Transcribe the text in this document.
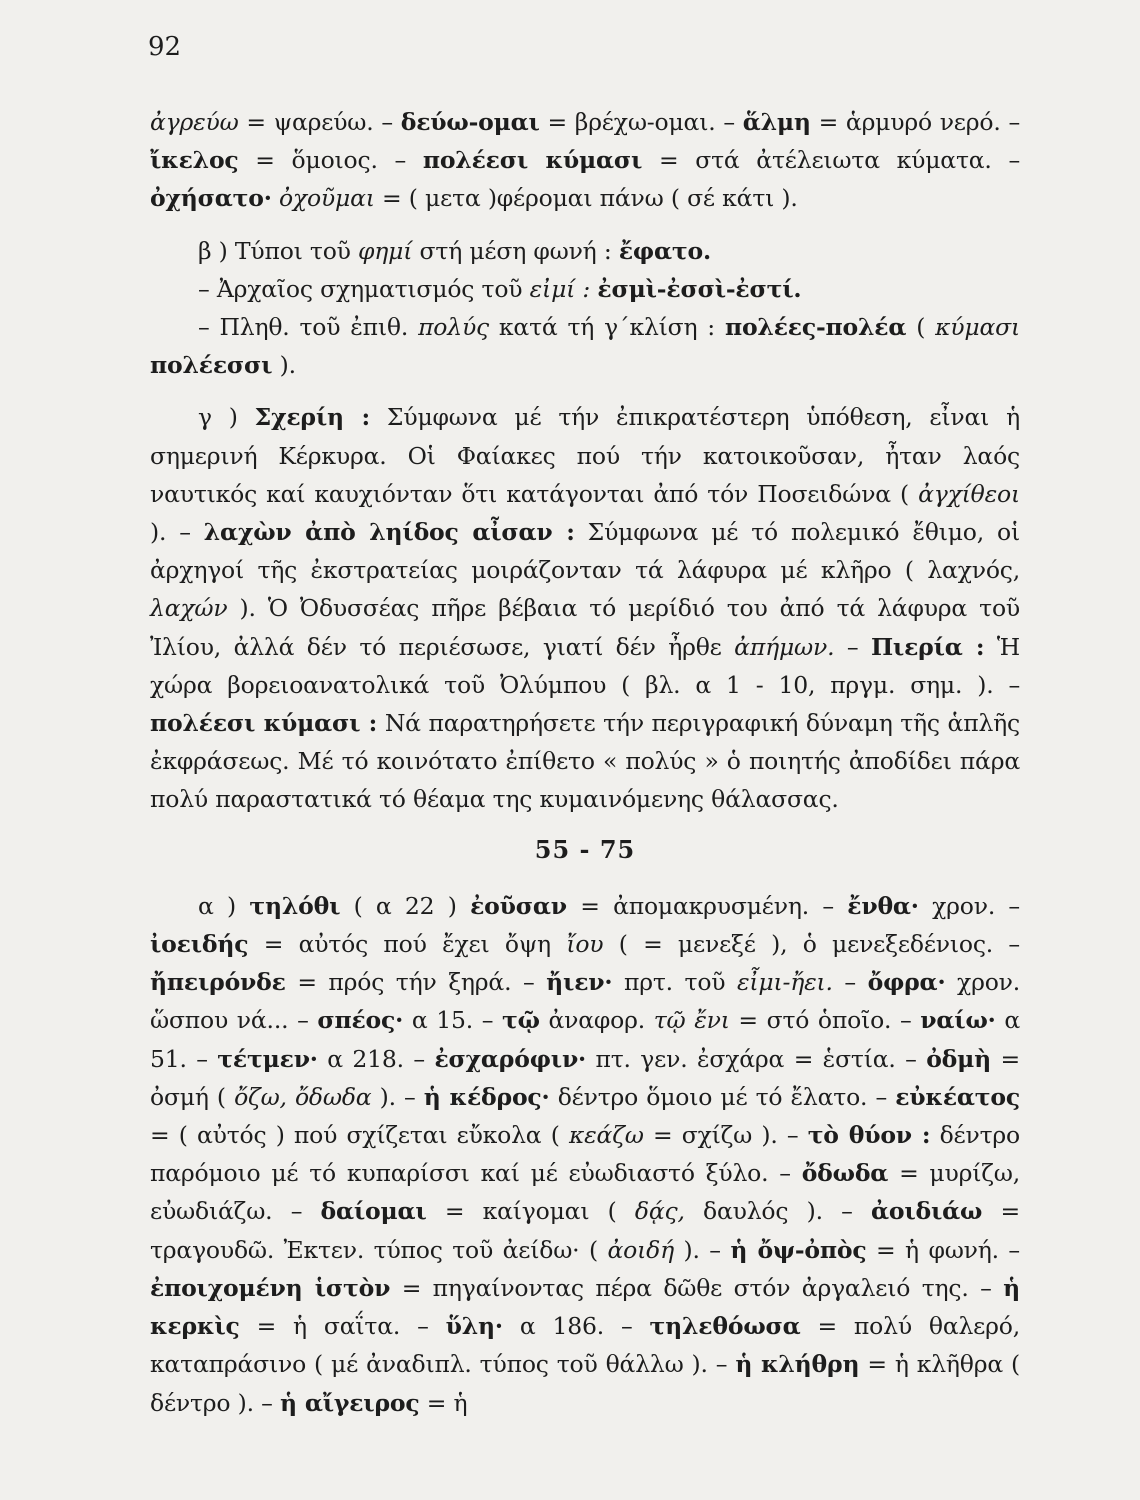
92

ἀγρεύω = ψαρεύω. – δεύω-ομαι = βρέχω-ομαι. – ἅλμη = ἁρμυρό νερό. – ἴκελος = ὅμοιος. – πολέεσι κύμασι = στά ἀτέλειωτα κύματα. – ὀχήσατο· ὀχοῦμαι = ( μετα )φέρομαι πάνω ( σέ κάτι ).

β ) Τύποι τοῦ φημί στή μέση φωνή : ἔφατο.

– Ἀρχαῖος σχηματισμός τοῦ εἰμί : ἐσμὶ-ἐσσὶ-ἐστί.

– Πληθ. τοῦ ἐπιθ. πολύς κατά τή γ΄κλίση : πολέες-πολέα ( κύμασι πολέεσσι ).

γ ) Σχερίη : Σύμφωνα μέ τήν ἐπικρατέστερη ὑπόθεση, εἶναι ἡ σημερινή Κέρκυρα. Οἱ Φαίακες πού τήν κατοικοῦσαν, ἦταν λαός ναυτικός καί καυχιόνταν ὅτι κατάγονται ἀπό τόν Ποσειδώνα ( ἀγχίθεοι ). – λαχὼν ἀπὸ ληίδος αἶσαν : Σύμφωνα μέ τό πολεμικό ἔθιμο, οἱ ἀρχηγοί τῆς ἐκστρατείας μοιράζονταν τά λάφυρα μέ κλῆρο ( λαχνός, λαχών ). Ὁ Ὀδυσσέας πῆρε βέβαια τό μερίδιό του ἀπό τά λάφυρα τοῦ Ἰλίου, ἀλλά δέν τό περιέσωσε, γιατί δέν ἦρθε ἀπήμων. – Πιερία : Ἡ χώρα βορειοανατολικά τοῦ Ὀλύμπου ( βλ. α 1 - 10, πργμ. σημ. ). – πολέεσι κύμασι : Νά παρατηρήσετε τήν περιγραφική δύναμη τῆς ἁπλῆς ἐκφράσεως. Μέ τό κοινότατο ἐπίθετο « πολύς » ὁ ποιητής ἀποδίδει πάρα πολύ παραστατικά τό θέαμα της κυμαινόμενης θάλασσας.

55 - 75

α ) τηλόθι ( α 22 ) ἐοῦσαν = ἀπομακρυσμένη. – ἔνθα· χρον. – ἰοειδής = αὐτός πού ἔχει ὄψη ἴου ( = μενεξέ ), ὁ μενεξεδένιος. – ἤπειρόνδε = πρός τήν ξηρά. – ἤιεν· πρτ. τοῦ εἶμι-ἤει. – ὄφρα· χρον. ὥσπου νά... – σπέος· α 15. – τῷ ἀναφορ. τῷ ἔνι = στό ὁποῖο. – ναίω· α 51. – τέτμεν· α 218. – ἐσχαρόφιν· πτ. γεν. ἐσχάρα = ἑστία. – ὀδμὴ = ὀσμή ( ὄζω, ὄδωδα ). – ἡ κέδρος· δέντρο ὅμοιο μέ τό ἔλατο. – εὐκέατος = ( αὐτός ) πού σχίζεται εὔκολα ( κεάζω = σχίζω ). – τὸ θύον : δέντρο παρόμοιο μέ τό κυπαρίσσι καί μέ εὐωδιαστό ξύλο. – ὄδωδα = μυρίζω, εὐωδιάζω. – δαίομαι = καίγομαι ( δᾴς, δαυλός ). – ἀοιδιάω = τραγουδῶ. Ἐκτεν. τύπος τοῦ ἀείδω· ( ἀοιδή ). – ἡ ὄψ-ὀπὸς = ἡ φωνή. – ἐποιχομένη ἱστὸν = πηγαίνοντας πέρα δῶθε στόν ἀργαλειό της. – ἡ κερκὶς = ἡ σαΐτα. – ὕλη· α 186. – τηλεθόωσα = πολύ θαλερό, καταπράσινο ( μέ ἀναδιπλ. τύπος τοῦ θάλλω ). – ἡ κλήθρη = ἡ κλῆθρα ( δέντρο ). – ἡ αἴγειρος = ἡ
